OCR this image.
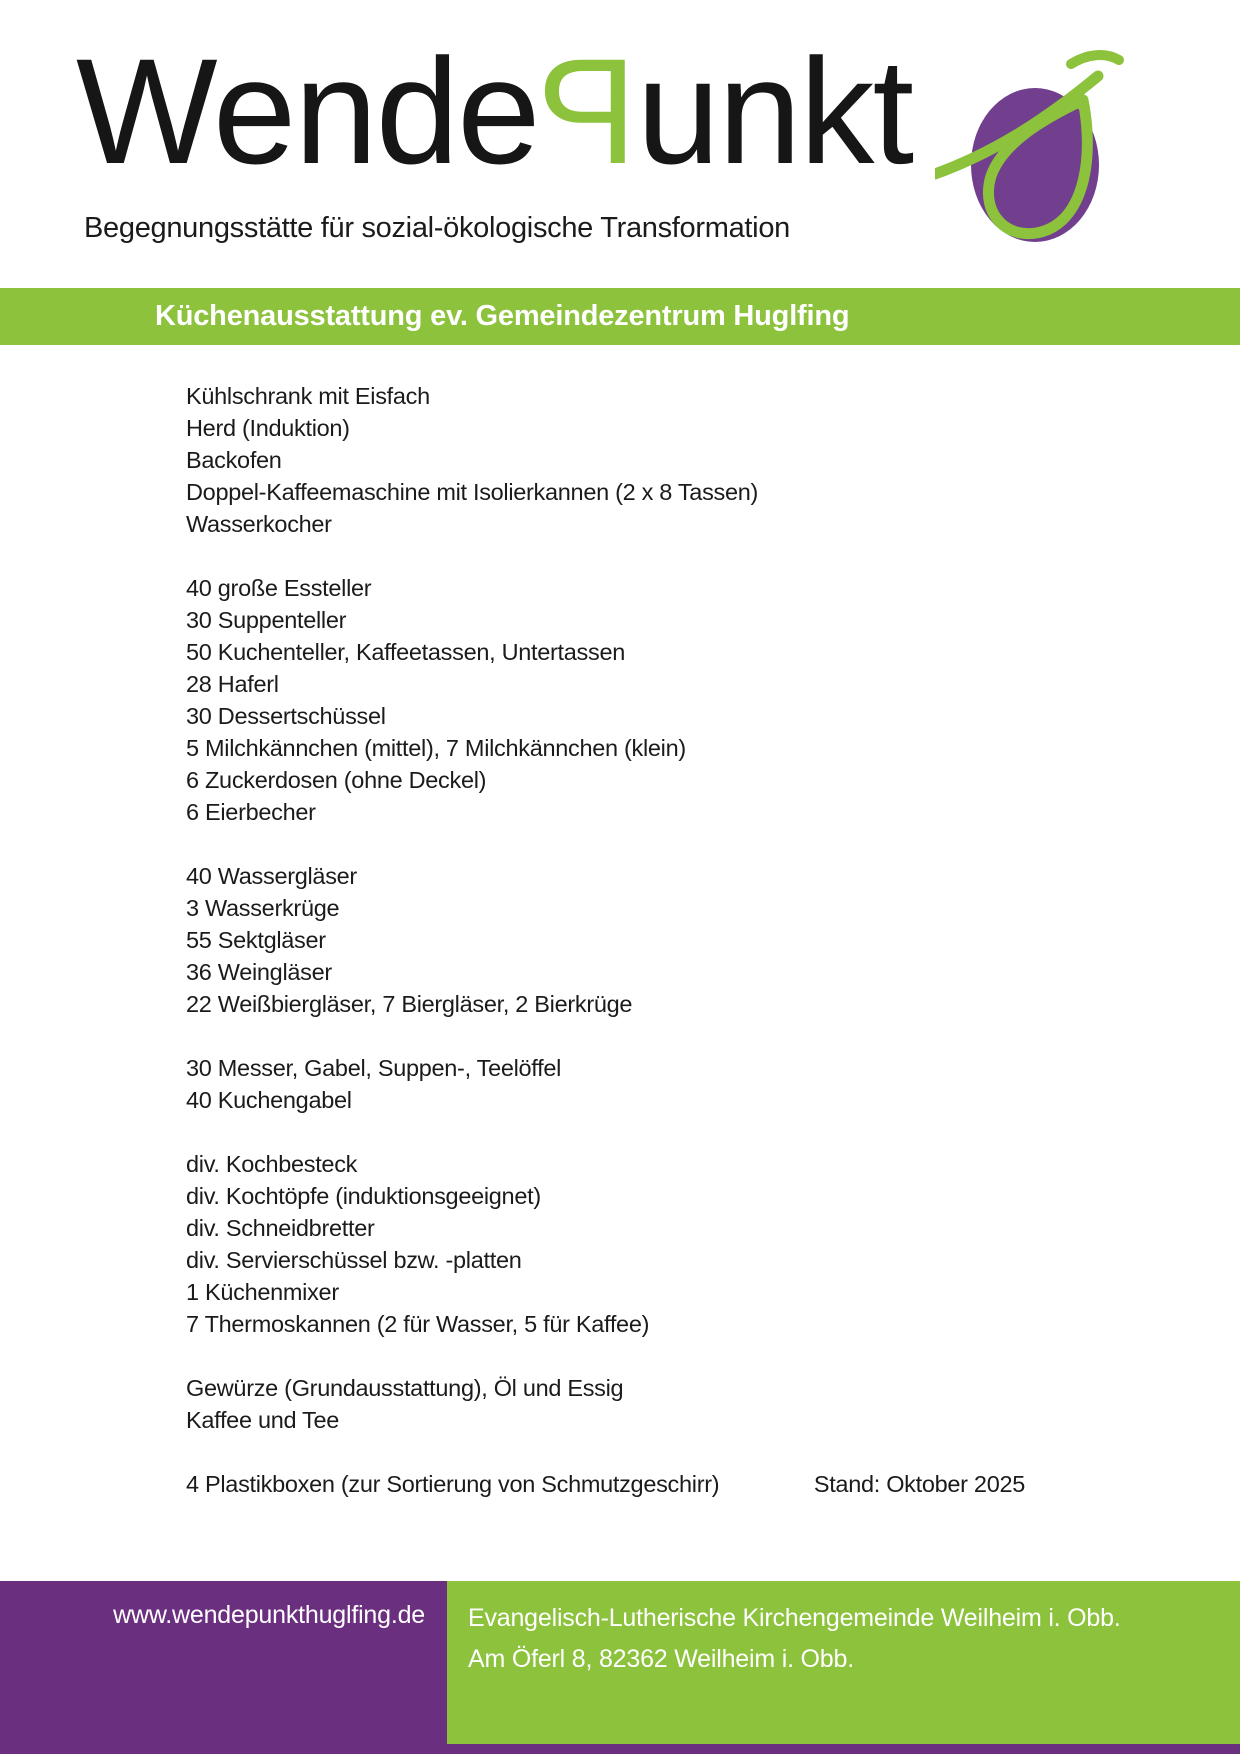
WendePunkt
Begegnungsstätte für sozial-ökologische Transformation
Küchenausstattung ev. Gemeindezentrum Huglfing
Kühlschrank mit Eisfach
Herd (Induktion)
Backofen
Doppel-Kaffeemaschine mit Isolierkannen (2 x 8 Tassen)
Wasserkocher
40 große Essteller
30 Suppenteller
50 Kuchenteller, Kaffeetassen, Untertassen
28 Haferl
30 Dessertschüssel
5 Milchkännchen (mittel), 7 Milchkännchen (klein)
6 Zuckerdosen (ohne Deckel)
6 Eierbecher
40 Wassergläser
3 Wasserkrüge
55 Sektgläser
36 Weingläser
22 Weißbiergläser, 7 Biergläser, 2 Bierkrüge
30 Messer, Gabel, Suppen-, Teelöffel
40 Kuchengabel
div. Kochbesteck
div. Kochtöpfe (induktionsgeeignet)
div. Schneidbretter
div. Servierschüssel bzw. -platten
1 Küchenmixer
7 Thermoskannen (2 für Wasser, 5 für Kaffee)
Gewürze (Grundausstattung), Öl und Essig
Kaffee und Tee
4 Plastikboxen (zur Sortierung von Schmutzgeschirr)	Stand: Oktober 2025
Evangelisch-Lutherische Kirchengemeinde Weilheim i. Obb.
Am Öferl 8, 82362 Weilheim i. Obb.
www.wendepunkthuglfing.de
